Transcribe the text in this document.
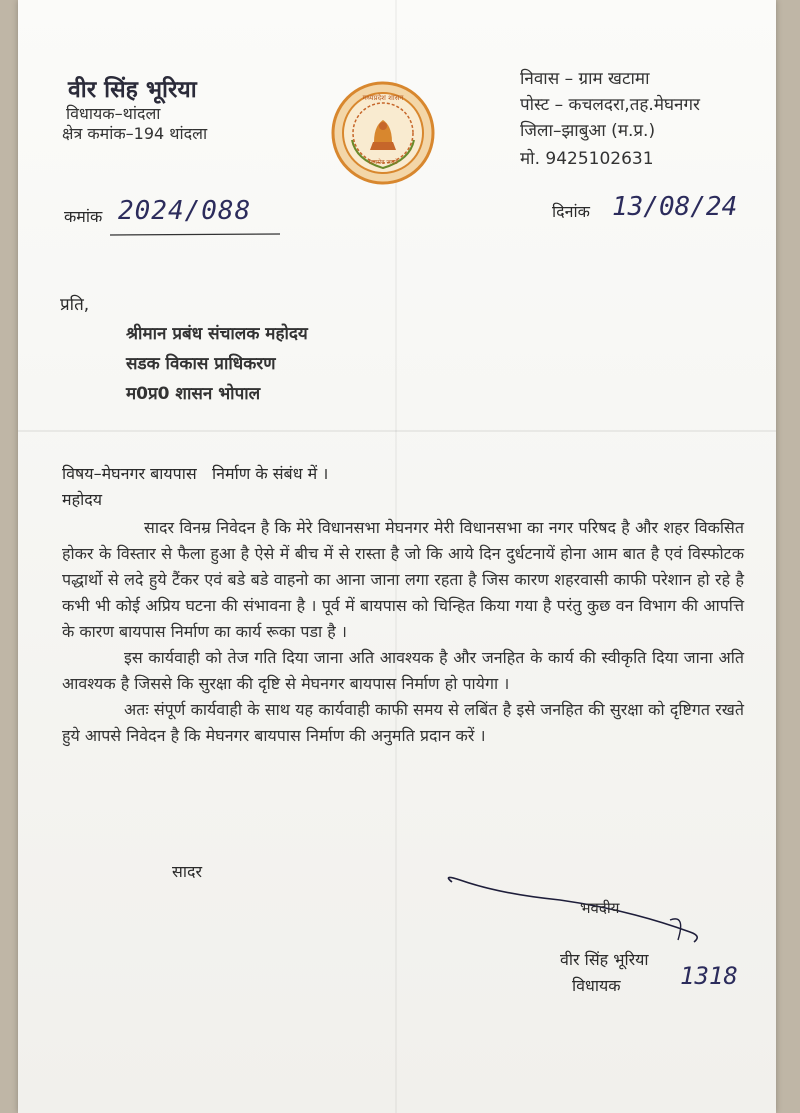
वीर सिंह भूरिया
विधायक–थांदला
क्षेत्र कमांक–194 थांदला
मध्यप्रदेश शासन
सत्यमेव जयते
निवास – ग्राम खटामा
पोस्ट – कचलदरा,तह.मेघनगर
जिला–झाबुआ (म.प्र.)
मो. 9425102631
कमांक 2024/088	दिनांक 13/08/24
प्रति,
श्रीमान प्रबंध संचालक महोदय
सडक विकास प्राधिकरण
म0प्र0 शासन भोपाल
विषय–मेघनगर बायपास   निर्माण के संबंध में ।
महोदय

सादर विनम्र निवेदन है कि मेरे विधानसभा मेघनगर मेरी विधानसभा का नगर परिषद है और शहर विकसित होकर के विस्तार से फैला हुआ है ऐसे में बीच में से रास्ता है जो कि आये दिन दुर्धटनायें होना आम बात है एवं विस्फोटक पद्धार्थो से लदे हुये टैंकर एवं बडे बडे वाहनो का आना जाना लगा रहता है जिस कारण शहरवासी काफी परेशान हो रहे है कभी भी कोई अप्रिय घटना की संभावना है । पूर्व में बायपास को चिन्हित किया गया है परंतु कुछ वन विभाग की आपत्ति के कारण बायपास निर्माण का कार्य रूका पडा है ।

इस कार्यवाही को तेज गति दिया जाना अति आवश्यक है और जनहित के कार्य की स्वीकृति दिया जाना अति आवश्यक है जिससे कि सुरक्षा की दृष्टि से मेघनगर बायपास निर्माण हो पायेगा ।

अतः संपूर्ण कार्यवाही के साथ यह कार्यवाही काफी समय से लबिंत है इसे जनहित की सुरक्षा को दृष्टिगत रखते हुये आपसे निवेदन है कि मेघनगर बायपास निर्माण की अनुमति प्रदान करें ।

सादर
भवदीय
वीर सिंह भूरिया
विधायक 1318
